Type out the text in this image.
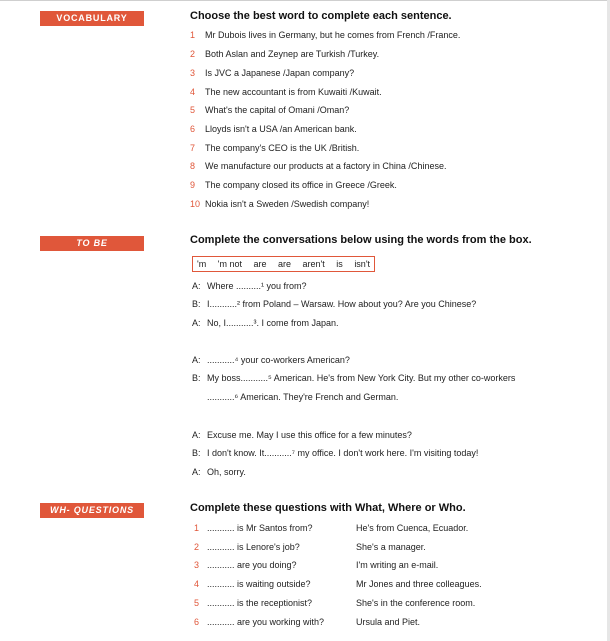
VOCABULARY	Choose the best word to complete each sentence.
1 Mr Dubois lives in Germany, but he comes from French /France.
2 Both Aslan and Zeynep are Turkish /Turkey.
3 Is JVC a Japanese /Japan company?
4 The new accountant is from Kuwaiti /Kuwait.
5 What's the capital of Omani /Oman?
6 Lloyds isn't a USA /an American bank.
7 The company's CEO is the UK /British.
8 We manufacture our products at a factory in China /Chinese.
9 The company closed its office in Greece /Greek.
10 Nokia isn't a Sweden /Swedish company!
TO BE	Complete the conversations below using the words from the box.
'm 'm not are are aren't is isn't
A: Where ..........¹ you from?
B: I...........² from Poland – Warsaw. How about you? Are you Chinese?
A: No, I...........³. I come from Japan.
A: ...........⁴ your co-workers American?
B: My boss...........⁵ American. He's from New York City. But my other co-workers
...........⁶ American. They're French and German.
A: Excuse me. May I use this office for a few minutes?
B: I don't know. It...........⁷ my office. I don't work here. I'm visiting today!
A: Oh, sorry.
WH- QUESTIONS	Complete these questions with What, Where or Who.
1 ........... is Mr Santos from?	He's from Cuenca, Ecuador.
2 ........... is Lenore's job?	She's a manager.
3 ........... are you doing?	I'm writing an e-mail.
4 ........... is waiting outside?	Mr Jones and three colleagues.
5 ........... is the receptionist?	She's in the conference room.
6 ........... are you working with?	Ursula and Piet.
